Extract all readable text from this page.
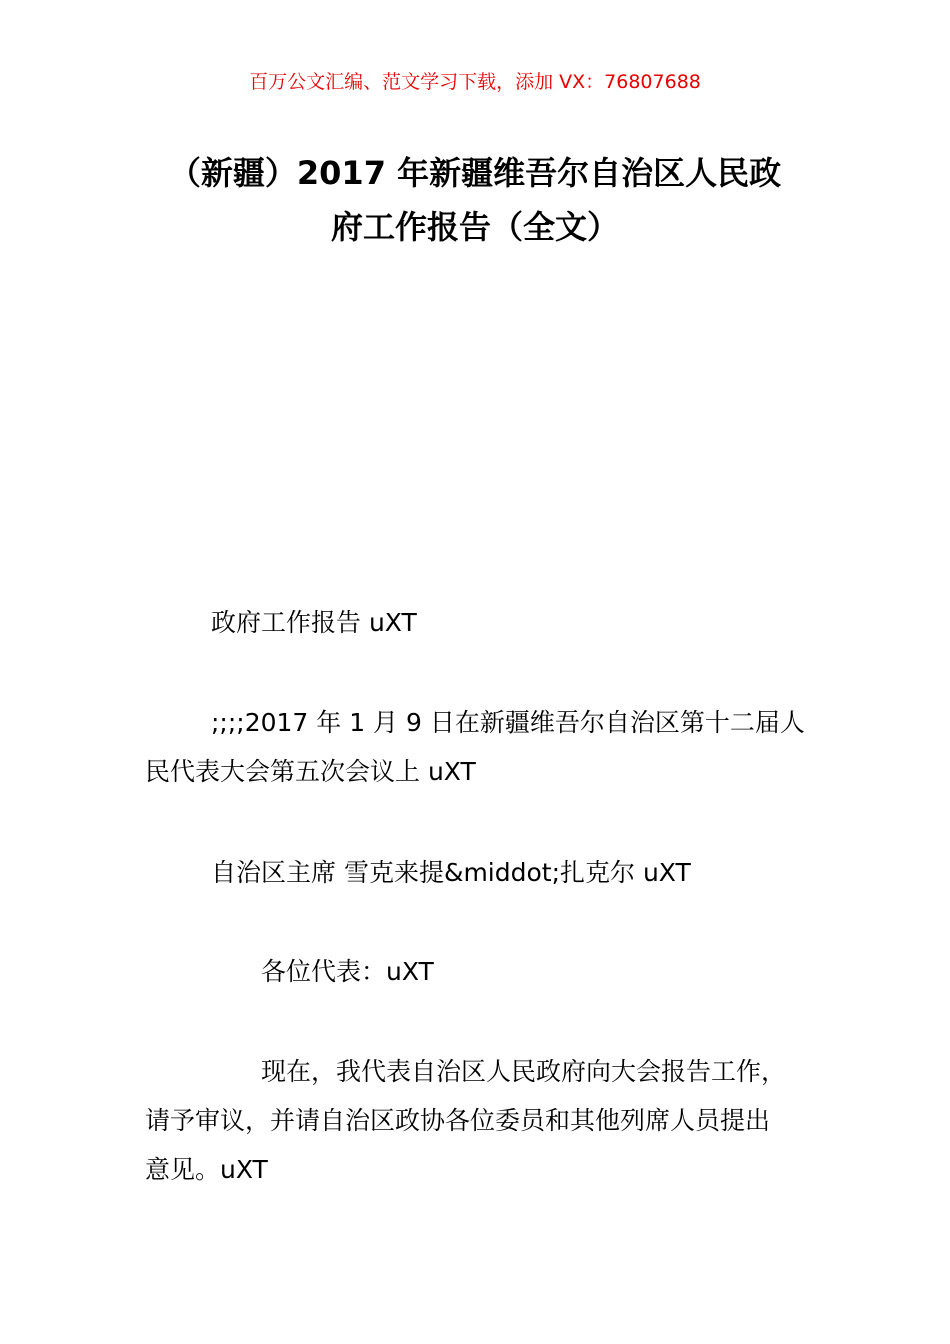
百万公文汇编、范文学习下载，添加 VX：76807688
（新疆）2017 年新疆维吾尔自治区人民政
府工作报告（全文）

政府工作报告 uXT

;;;;2017 年 1 月 9 日在新疆维吾尔自治区第十二届人
民代表大会第五次会议上 uXT

自治区主席 雪克来提&middot;扎克尔 uXT

各位代表：uXT

现在，我代表自治区人民政府向大会报告工作，
请予审议，并请自治区政协各位委员和其他列席人员提出
意见。uXT
